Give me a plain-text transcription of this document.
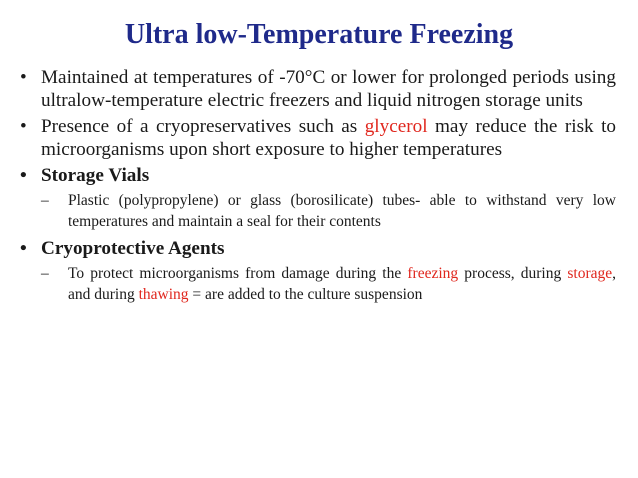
Ultra low-Temperature Freezing
• Maintained at temperatures of -70°C or lower for prolonged periods using ultralow-temperature electric freezers and liquid nitrogen storage units
• Presence of a cryopreservatives such as glycerol may reduce the risk to microorganisms upon short exposure to higher temperatures
• Storage Vials
– Plastic (polypropylene) or glass (borosilicate) tubes- able to withstand very low temperatures and maintain a seal for their contents
• Cryoprotective Agents
– To protect microorganisms from damage during the freezing process, during storage, and during thawing = are added to the culture suspension
